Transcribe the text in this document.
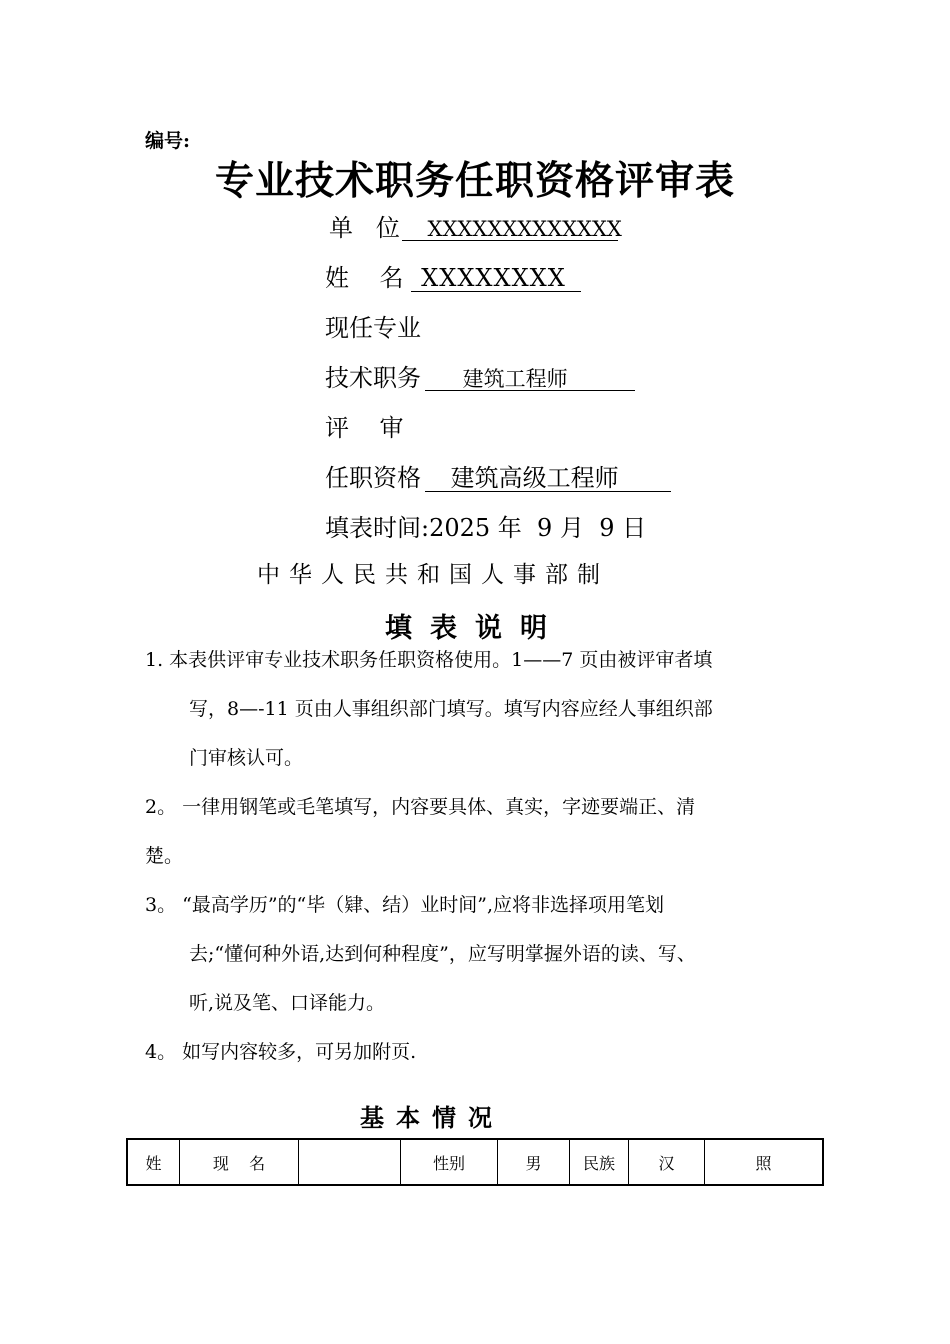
编号:
专业技术职务任职资格评审表
单   位 XXXXXXXXXXXXX
姓    名 XXXXXXXX
现任专业
技术职务 建筑工程师
评    审
任职资格 建筑高级工程师
填表时间:2025 年  9 月  9 日
中华人民共和国人事部制
填表说明
1. 本表供评审专业技术职务任职资格使用。1——7 页由被评审者填
写，8—-11 页由人事组织部门填写。填写内容应经人事组织部
门审核认可。
2。 一律用钢笔或毛笔填写，内容要具体、真实，字迹要端正、清
楚。
3。 “最高学历”的“毕（肄、结）业时间”,应将非选择项用笔划
去;“懂何种外语,达到何种程度”，应写明掌握外语的读、写、
听,说及笔、口译能力。
4。 如写内容较多，可另加附页.
基本情况
姓	现    名		性别	男	民族	汉	照
